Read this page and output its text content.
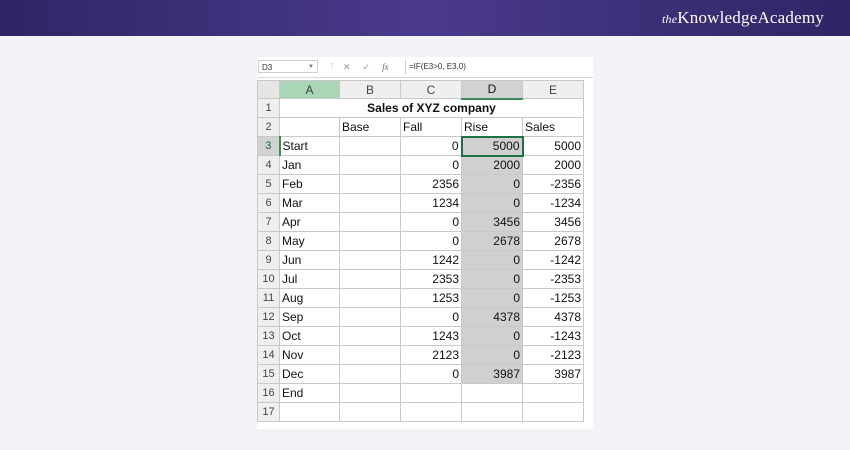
theKnowledgeAcademy
D3	▼ ⋮ ✕ ✓ fx	=IF(E3>0, E3,0)
	A	B	C	D	E
1	Sales of XYZ company				
2		Base	Fall	Rise	Sales
3	Start		0	5000	5000
4	Jan		0	2000	2000
5	Feb		2356	0	-2356
6	Mar		1234	0	-1234
7	Apr		0	3456	3456
8	May		0	2678	2678
9	Jun		1242	0	-1242
10	Jul		2353	0	-2353
11	Aug		1253	0	-1253
12	Sep		0	4378	4378
13	Oct		1243	0	-1243
14	Nov		2123	0	-2123
15	Dec		0	3987	3987
16	End				
17					
